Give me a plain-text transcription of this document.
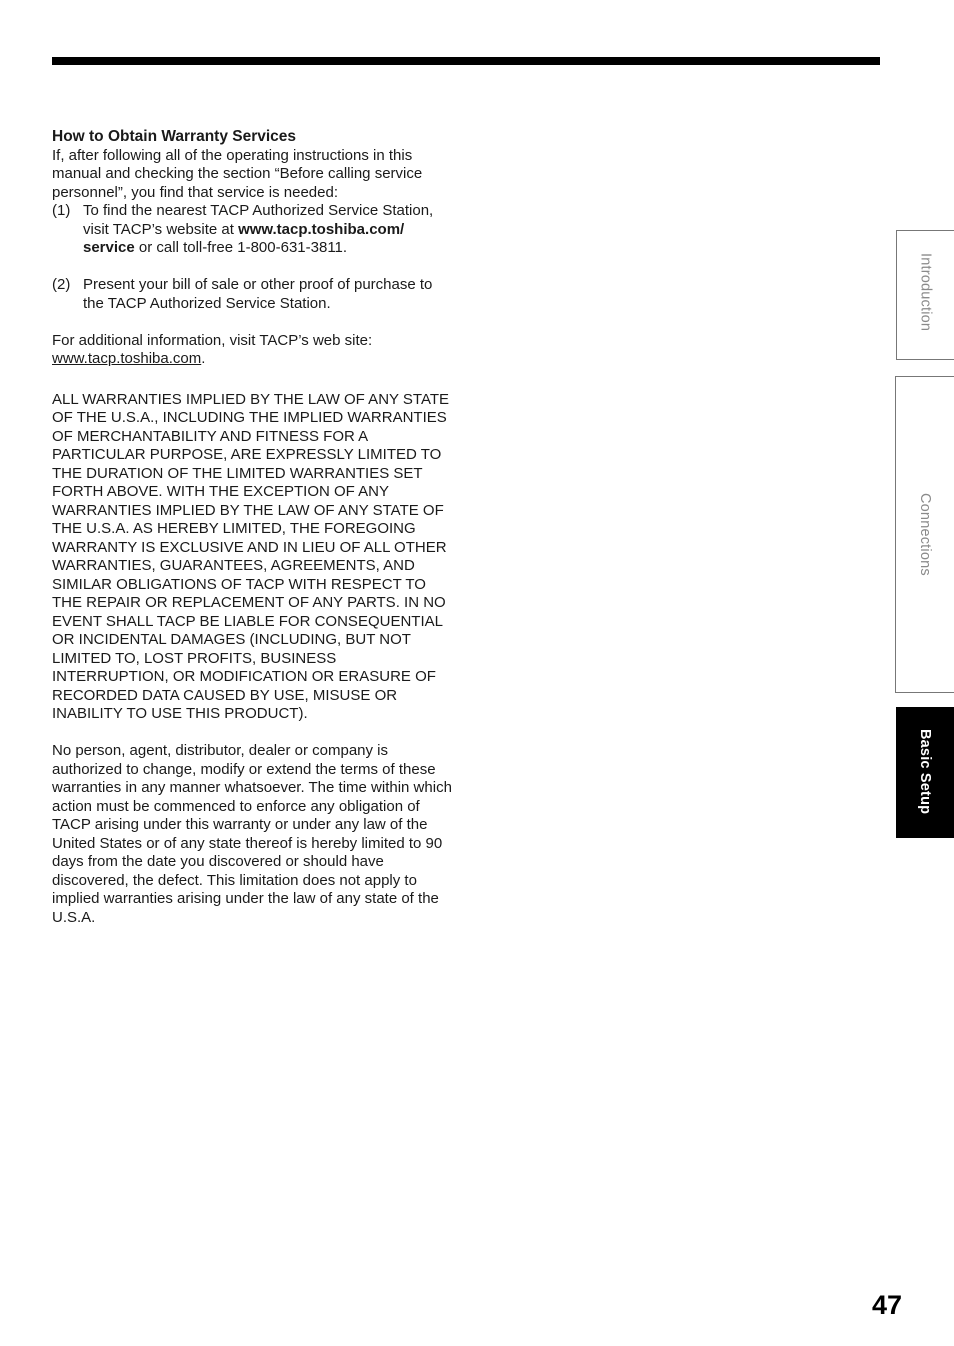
How to Obtain Warranty Services

If, after following all of the operating instructions in this manual and checking the section “Before calling service personnel”, you find that service is needed:

(1) To find the nearest TACP Authorized Service Station, visit TACP’s website at www.tacp.toshiba.com/ service or call toll-free 1-800-631-3811.
(2) Present your bill of sale or other proof of purchase to the TACP Authorized Service Station.

For additional information, visit TACP’s web site:
www.tacp.toshiba.com.

ALL WARRANTIES IMPLIED BY THE LAW OF ANY STATE OF THE U.S.A., INCLUDING THE IMPLIED WARRANTIES OF MERCHANTABILITY AND FITNESS FOR A PARTICULAR PURPOSE, ARE EXPRESSLY LIMITED TO THE DURATION OF THE LIMITED WARRANTIES SET FORTH ABOVE. WITH THE EXCEPTION OF ANY WARRANTIES IMPLIED BY THE LAW OF ANY STATE OF THE U.S.A. AS HEREBY LIMITED, THE FOREGOING WARRANTY IS EXCLUSIVE AND IN LIEU OF ALL OTHER WARRANTIES, GUARANTEES, AGREEMENTS, AND SIMILAR OBLIGATIONS OF TACP WITH RESPECT TO THE REPAIR OR REPLACEMENT OF ANY PARTS. IN NO EVENT SHALL TACP BE LIABLE FOR CONSEQUENTIAL OR INCIDENTAL DAMAGES (INCLUDING, BUT NOT LIMITED TO, LOST PROFITS, BUSINESS INTERRUPTION, OR MODIFICATION OR ERASURE OF RECORDED DATA CAUSED BY USE, MISUSE OR INABILITY TO USE THIS PRODUCT).

No person, agent, distributor, dealer or company is authorized to change, modify or extend the terms of these warranties in any manner whatsoever. The time within which action must be commenced to enforce any obligation of TACP arising under this warranty or under any law of the United States or of any state thereof is hereby limited to 90 days from the date you discovered or should have discovered, the defect. This limitation does not apply to implied warranties arising under the law of any state of the U.S.A.

Introduction
Connections
Basic Setup
47
